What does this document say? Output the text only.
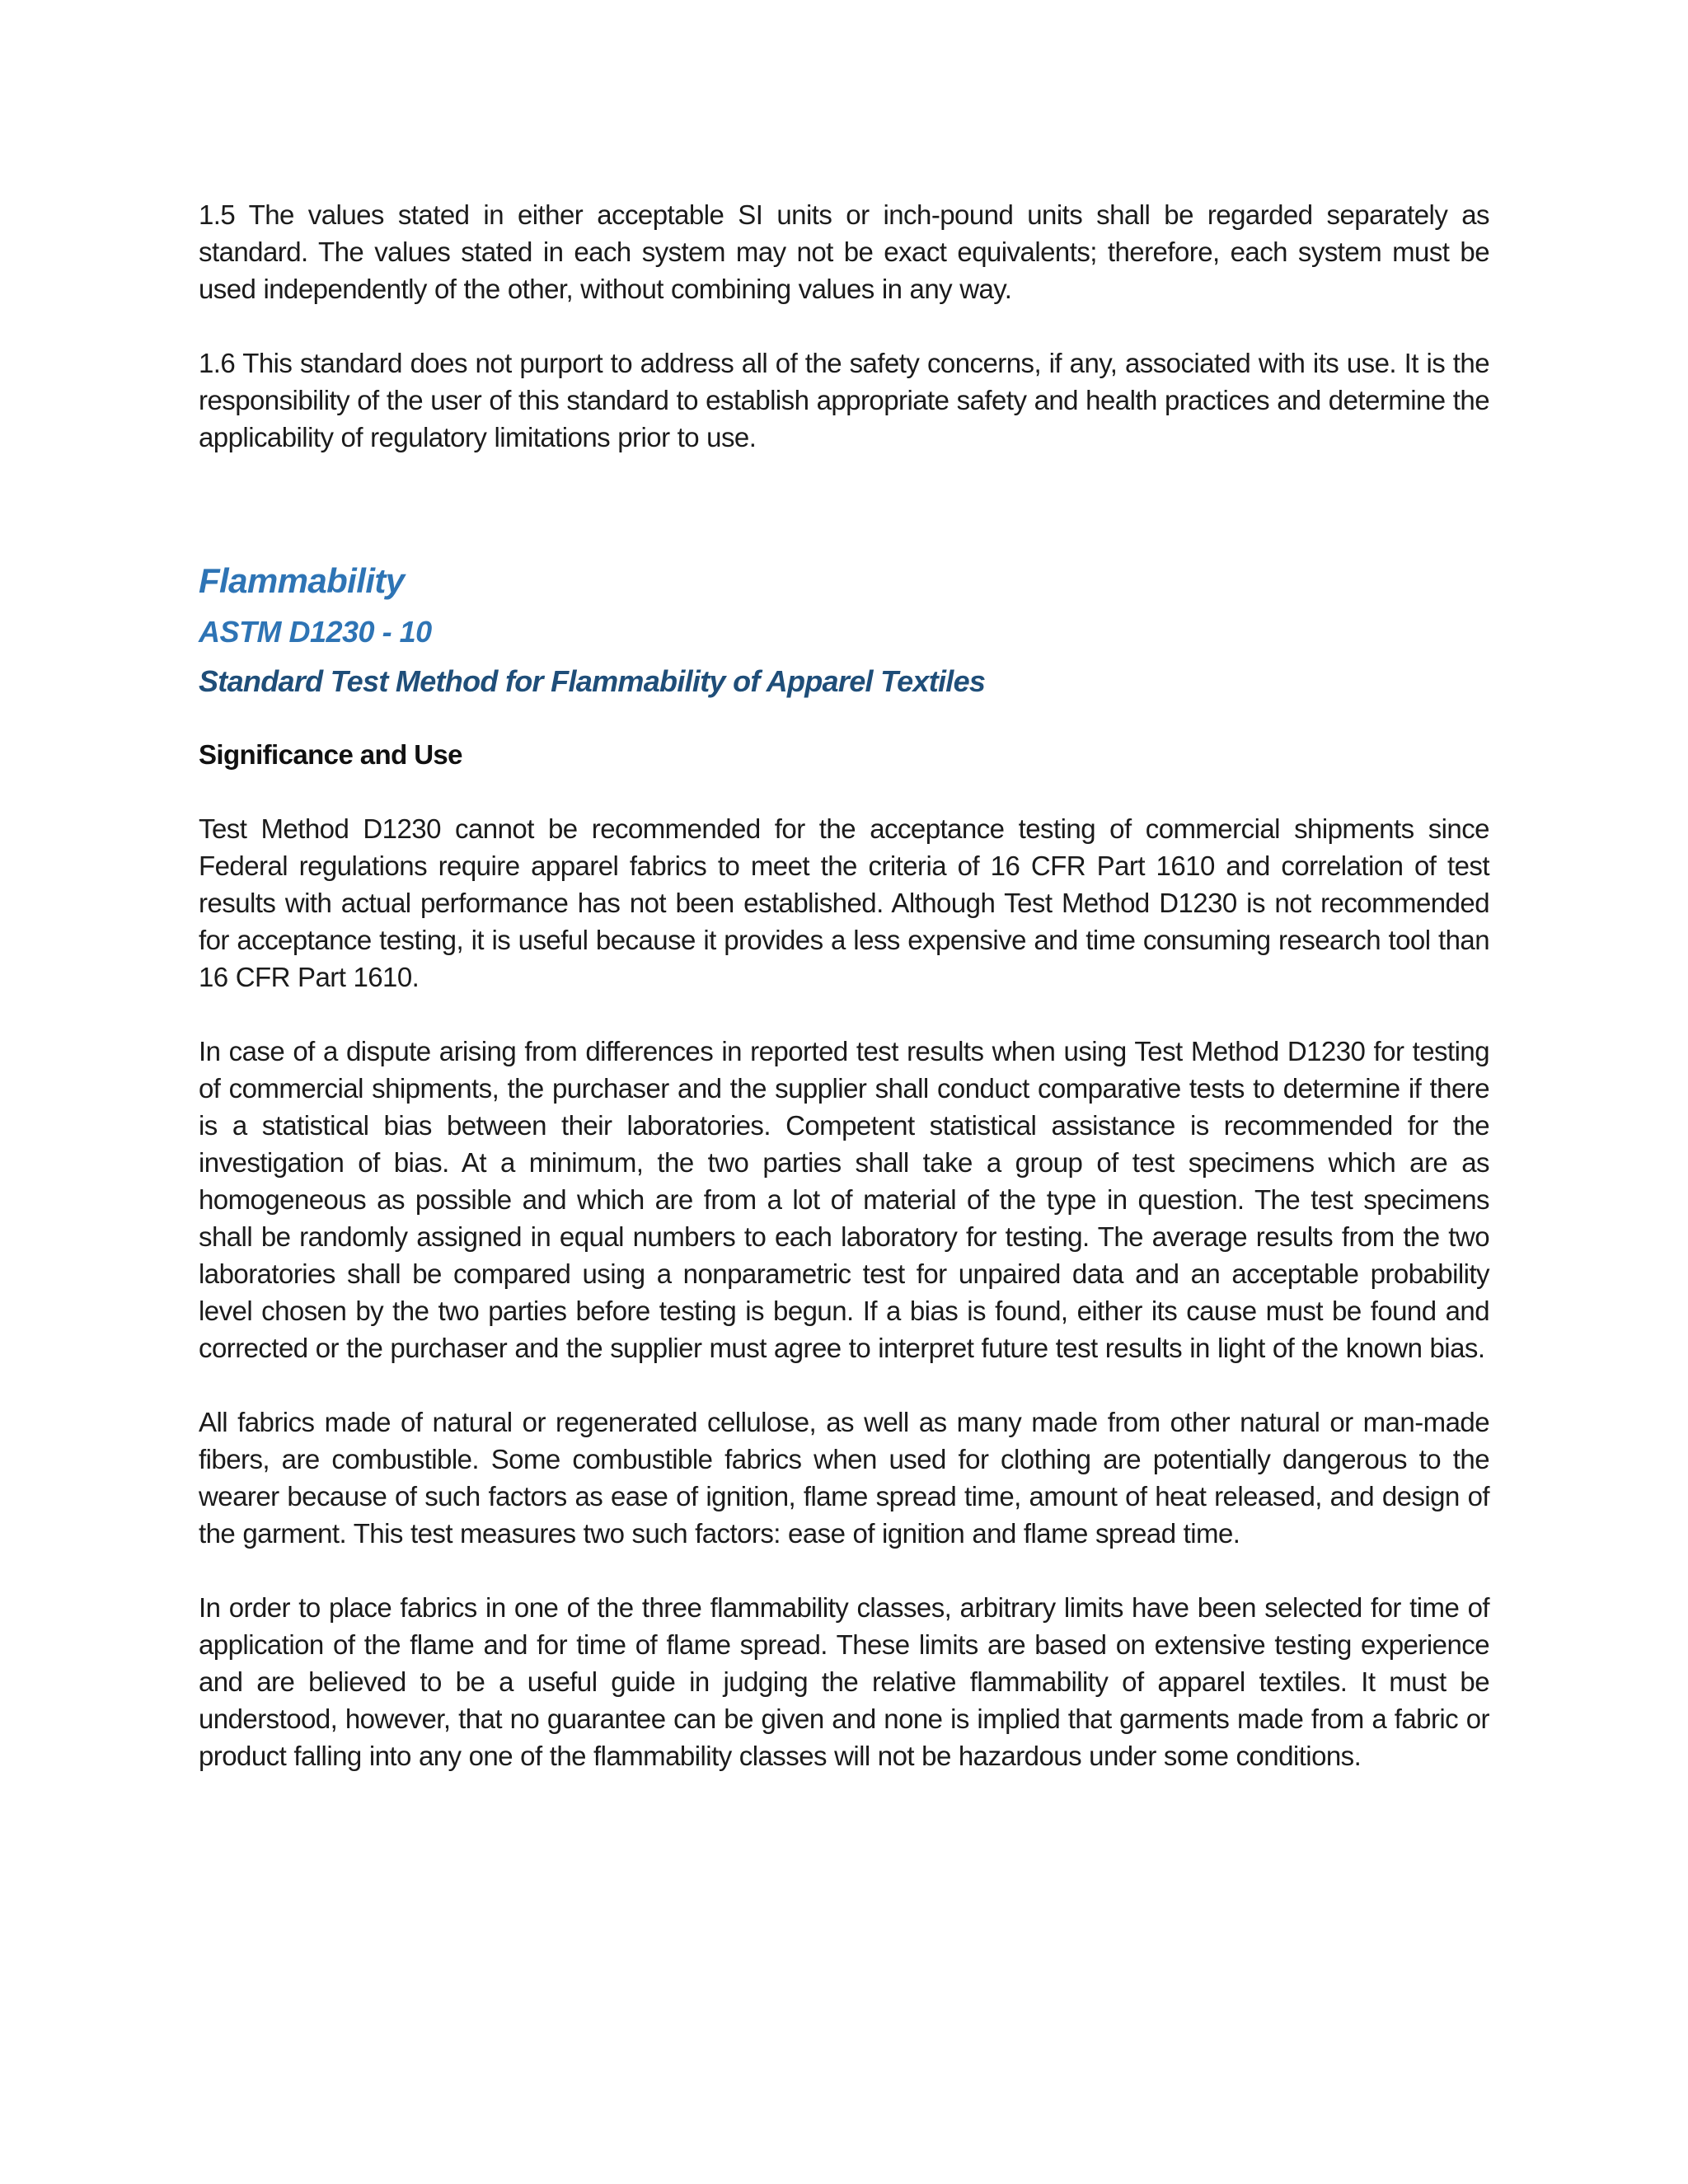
1.5 The values stated in either acceptable SI units or inch-pound units shall be regarded separately as standard. The values stated in each system may not be exact equivalents; therefore, each system must be used independently of the other, without combining values in any way.

1.6 This standard does not purport to address all of the safety concerns, if any, associated with its use. It is the responsibility of the user of this standard to establish appropriate safety and health practices and determine the applicability of regulatory limitations prior to use.

Flammability
ASTM D1230 - 10
Standard Test Method for Flammability of Apparel Textiles
Significance and Use

Test Method D1230 cannot be recommended for the acceptance testing of commercial shipments since Federal regulations require apparel fabrics to meet the criteria of 16 CFR Part 1610 and correlation of test results with actual performance has not been established. Although Test Method D1230 is not recommended for acceptance testing, it is useful because it provides a less expensive and time consuming research tool than 16 CFR Part 1610.

In case of a dispute arising from differences in reported test results when using Test Method D1230 for testing of commercial shipments, the purchaser and the supplier shall conduct comparative tests to determine if there is a statistical bias between their laboratories. Competent statistical assistance is recommended for the investigation of bias. At a minimum, the two parties shall take a group of test specimens which are as homogeneous as possible and which are from a lot of material of the type in question. The test specimens shall be randomly assigned in equal numbers to each laboratory for testing. The average results from the two laboratories shall be compared using a nonparametric test for unpaired data and an acceptable probability level chosen by the two parties before testing is begun. If a bias is found, either its cause must be found and corrected or the purchaser and the supplier must agree to interpret future test results in light of the known bias.

All fabrics made of natural or regenerated cellulose, as well as many made from other natural or man-made fibers, are combustible. Some combustible fabrics when used for clothing are potentially dangerous to the wearer because of such factors as ease of ignition, flame spread time, amount of heat released, and design of the garment. This test measures two such factors: ease of ignition and flame spread time.

In order to place fabrics in one of the three flammability classes, arbitrary limits have been selected for time of application of the flame and for time of flame spread. These limits are based on extensive testing experience and are believed to be a useful guide in judging the relative flammability of apparel textiles. It must be understood, however, that no guarantee can be given and none is implied that garments made from a fabric or product falling into any one of the flammability classes will not be hazardous under some conditions.
